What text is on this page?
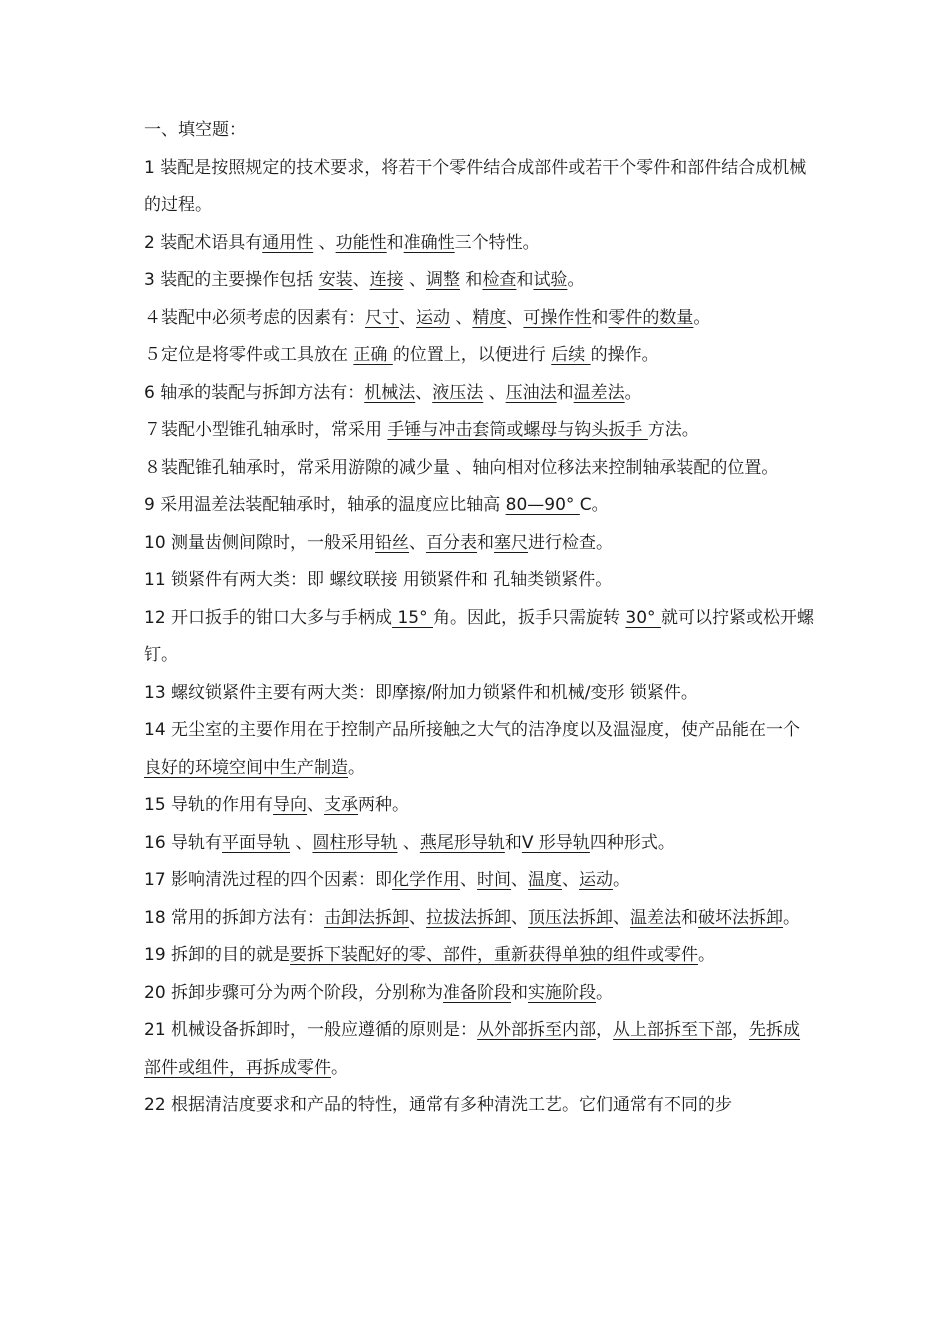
一、填空题：

1 装配是按照规定的技术要求，将若干个零件结合成部件或若干个零件和部件结合成机械的过程。

2 装配术语具有通用性 、功能性和准确性三个特性。

3 装配的主要操作包括 安装、连接 、调整 和检查和试验。

４装配中必须考虑的因素有：尺寸、运动 、精度、可操作性和零件的数量。

５定位是将零件或工具放在 正确 的位置上，以便进行 后续 的操作。

6 轴承的装配与拆卸方法有：机械法、液压法 、压油法和温差法。

７装配小型锥孔轴承时，常采用 手锤与冲击套筒或螺母与钩头扳手 方法。

８装配锥孔轴承时，常采用游隙的减少量 、轴向相对位移法来控制轴承装配的位置。

9 采用温差法装配轴承时，轴承的温度应比轴高 80—90° C。

10 测量齿侧间隙时，一般采用铅丝、百分表和塞尺进行检查。

11 锁紧件有两大类：即 螺纹联接 用锁紧件和 孔轴类锁紧件。

12 开口扳手的钳口大多与手柄成 15° 角。因此，扳手只需旋转 30° 就可以拧紧或松开螺钉。

13 螺纹锁紧件主要有两大类：即摩擦/附加力锁紧件和机械/变形 锁紧件。

14 无尘室的主要作用在于控制产品所接触之大气的洁净度以及温湿度，使产品能在一个 良好的环境空间中生产制造。

15 导轨的作用有导向、支承两种。

16 导轨有平面导轨 、圆柱形导轨 、燕尾形导轨和V 形导轨四种形式。

17 影响清洗过程的四个因素：即化学作用、时间、温度、运动。

18 常用的拆卸方法有：击卸法拆卸、拉拔法拆卸、顶压法拆卸、温差法和破坏法拆卸。

19 拆卸的目的就是要拆下装配好的零、部件，重新获得单独的组件或零件。

20 拆卸步骤可分为两个阶段，分别称为准备阶段和实施阶段。

21 机械设备拆卸时，一般应遵循的原则是：从外部拆至内部，从上部拆至下部，先拆成部件或组件，再拆成零件。

22 根据清洁度要求和产品的特性，通常有多种清洗工艺。它们通常有不同的步
